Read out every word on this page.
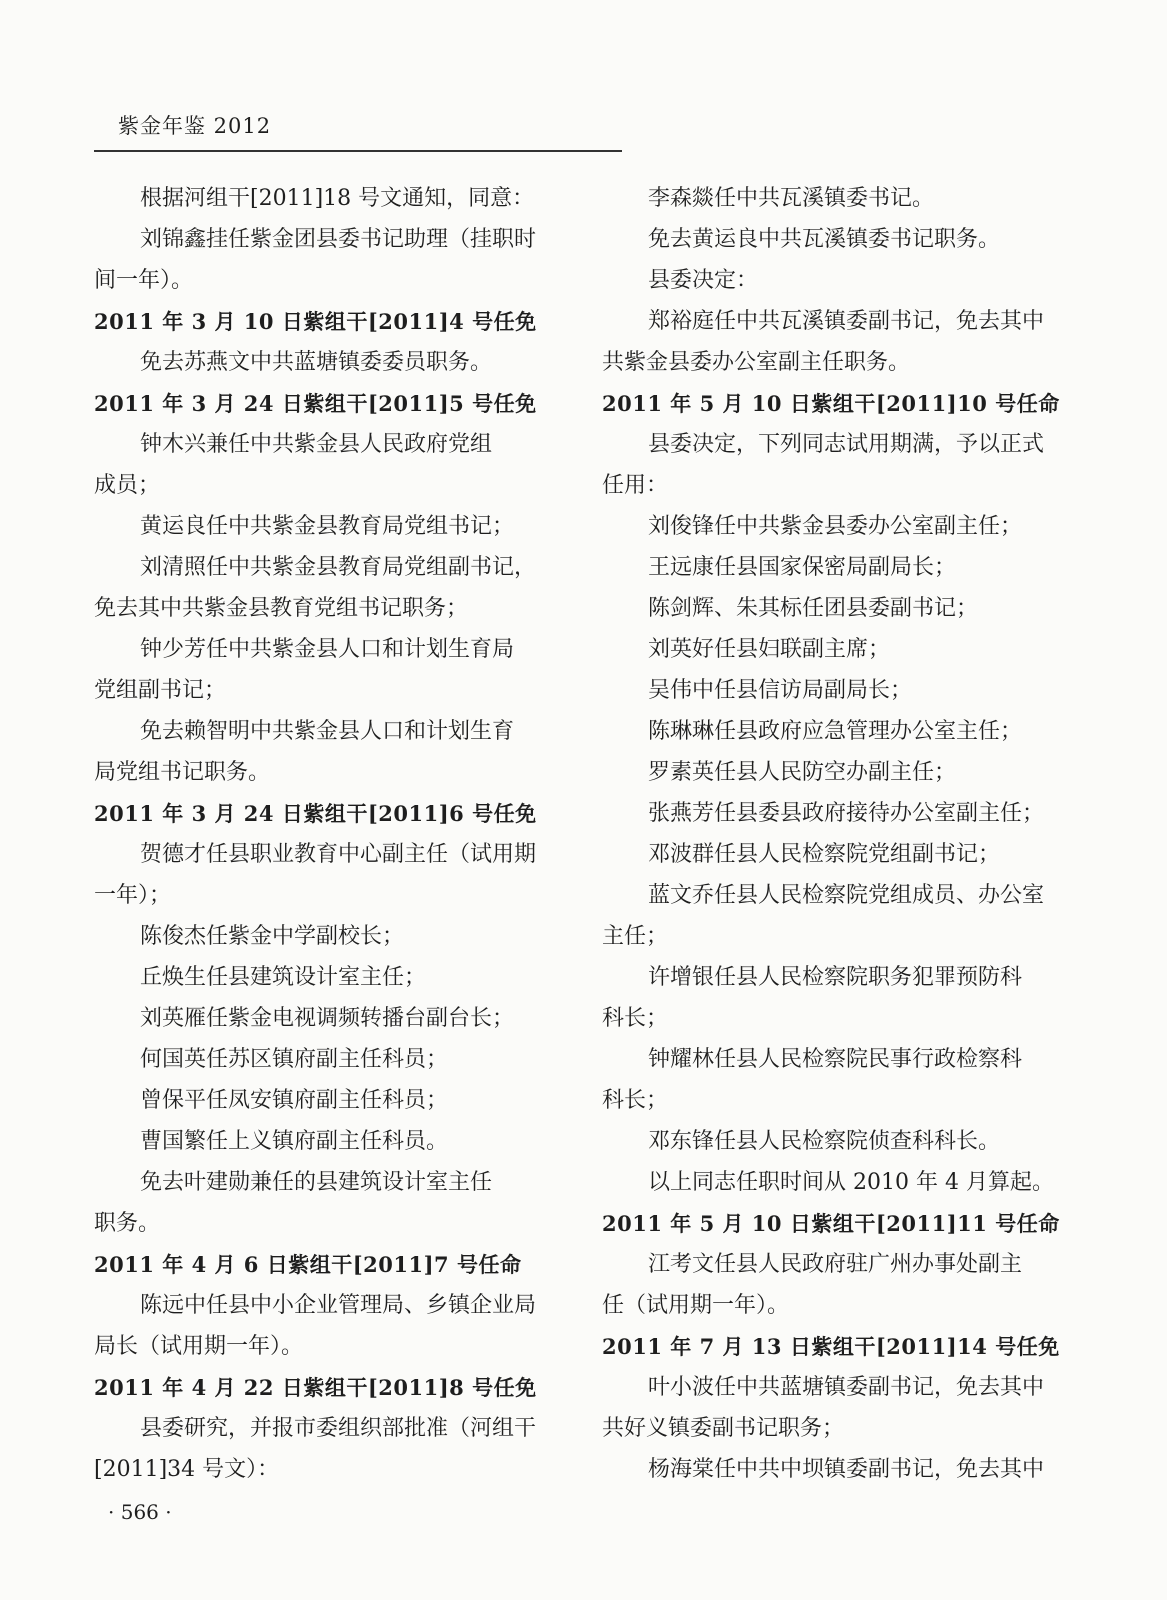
紫金年鉴 2012
根据河组干[2011]18 号文通知，同意：
刘锦鑫挂任紫金团县委书记助理（挂职时
间一年）。
2011 年 3 月 10 日紫组干[2011]4 号任免
免去苏燕文中共蓝塘镇委委员职务。
2011 年 3 月 24 日紫组干[2011]5 号任免
钟木兴兼任中共紫金县人民政府党组
成员；
黄运良任中共紫金县教育局党组书记；
刘清照任中共紫金县教育局党组副书记，
免去其中共紫金县教育党组书记职务；
钟少芳任中共紫金县人口和计划生育局
党组副书记；
免去赖智明中共紫金县人口和计划生育
局党组书记职务。
2011 年 3 月 24 日紫组干[2011]6 号任免
贺德才任县职业教育中心副主任（试用期
一年）；
陈俊杰任紫金中学副校长；
丘焕生任县建筑设计室主任；
刘英雁任紫金电视调频转播台副台长；
何国英任苏区镇府副主任科员；
曾保平任凤安镇府副主任科员；
曹国繁任上义镇府副主任科员。
免去叶建勋兼任的县建筑设计室主任
职务。
2011 年 4 月 6 日紫组干[2011]7 号任命
陈远中任县中小企业管理局、乡镇企业局
局长（试用期一年）。
2011 年 4 月 22 日紫组干[2011]8 号任免
县委研究，并报市委组织部批准（河组干
[2011]34 号文）：
李森燚任中共瓦溪镇委书记。
免去黄运良中共瓦溪镇委书记职务。
县委决定：
郑裕庭任中共瓦溪镇委副书记，免去其中
共紫金县委办公室副主任职务。
2011 年 5 月 10 日紫组干[2011]10 号任命
县委决定，下列同志试用期满，予以正式
任用：
刘俊锋任中共紫金县委办公室副主任；
王远康任县国家保密局副局长；
陈剑辉、朱其标任团县委副书记；
刘英好任县妇联副主席；
吴伟中任县信访局副局长；
陈琳琳任县政府应急管理办公室主任；
罗素英任县人民防空办副主任；
张燕芳任县委县政府接待办公室副主任；
邓波群任县人民检察院党组副书记；
蓝文乔任县人民检察院党组成员、办公室
主任；
许增银任县人民检察院职务犯罪预防科
科长；
钟耀林任县人民检察院民事行政检察科
科长；
邓东锋任县人民检察院侦查科科长。
以上同志任职时间从 2010 年 4 月算起。
2011 年 5 月 10 日紫组干[2011]11 号任命
江考文任县人民政府驻广州办事处副主
任（试用期一年）。
2011 年 7 月 13 日紫组干[2011]14 号任免
叶小波任中共蓝塘镇委副书记，免去其中
共好义镇委副书记职务；
杨海棠任中共中坝镇委副书记，免去其中
· 566 ·
